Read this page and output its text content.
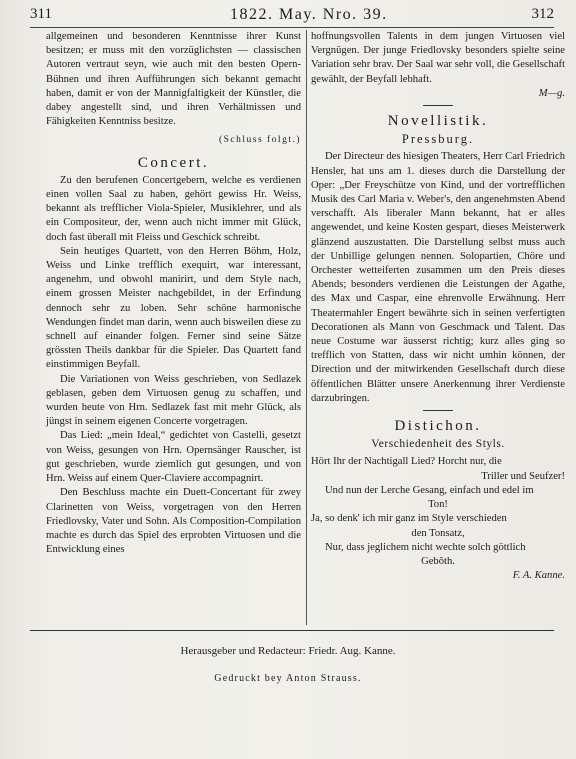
311	1822. May. Nro. 39.	312

allgemeinen und besonderen Kenntnisse ihrer Kunst besitzen; er muss mit den vorzüglichsten — classischen Autoren vertraut seyn, wie auch mit den besten Opern-Bühnen und ihren Aufführungen sich bekannt gemacht haben, damit er von der Mannigfaltigkeit der Künstler, die dabey angestellt sind, und ihren Verhältnissen und Fähigkeiten Kenntniss besitze.

(Schluss folgt.)

Concert.

Zu den berufenen Concertgebern, welche es verdienen einen vollen Saal zu haben, gehört gewiss Hr. Weiss, bekannt als trefflicher Viola-Spieler, Musiklehrer, und als ein Compositeur, der, wenn auch nicht immer mit Glück, doch fast überall mit Fleiss und Geschick schreibt.

Sein heutiges Quartett, von den Herren Böhm, Holz, Weiss und Linke trefflich exequirt, war interessant, angenehm, und obwohl manirirt, und dem Style nach, einem grossen Meister nachgebildet, in der Erfindung dennoch sehr zu loben. Sehr schöne harmonische Wendungen findet man darin, wenn auch bisweilen diese zu schnell auf einander folgen. Ferner sind seine Sätze grössten Theils dankbar für die Spieler. Das Quartett fand einstimmigen Beyfall.

Die Variationen von Weiss geschrieben, von Sedlazek geblasen, geben dem Virtuosen genug zu schaffen, und wurden heute von Hrn. Sedlazek fast mit mehr Glück, als jüngst in seinem eigenen Concerte vorgetragen.

Das Lied: „mein Ideal,“ gedichtet von Castelli, gesetzt von Weiss, gesungen von Hrn. Opernsänger Rauscher, ist gut geschrieben, wurde ziemlich gut gesungen, und von Hrn. Weiss auf einem Quer-Claviere accompagnirt.

Den Beschluss machte ein Duett-Concertant für zwey Clarinetten von Weiss, vorgetragen von den Herren Friedlovsky, Vater und Sohn. Als Composition-Compilation machte es durch das Spiel des erprobten Virtuosen und die Entwicklung eines

hoffnungsvollen Talents in dem jungen Virtuosen viel Vergnügen. Der junge Friedlovsky besonders spielte seine Variation sehr brav. Der Saal war sehr voll, die Gesellschaft gewählt, der Beyfall lebhaft.

M—g.

Novellistik.
Pressburg.

Der Directeur des hiesigen Theaters, Herr Carl Friedrich Hensler, hat uns am 1. dieses durch die Darstellung der Oper: „Der Freyschütze von Kind, und der vortrefflichen Musik des Carl Maria v. Weber's, den angenehmsten Abend verschafft. Als liberaler Mann bekannt, hat er alles angewendet, und keine Kosten gespart, dieses Meisterwerk glänzend auszustatten. Die Darstellung selbst muss auch der Unbillige gelungen nennen. Solopartien, Chöre und Orchester wetteiferten zusammen um den Preis dieses Abends; besonders verdienen die Leistungen der Agathe, des Max und Caspar, eine ehrenvolle Erwähnung. Herr Theatermahler Engert bewährte sich in seinen verfertigten Decorationen als Mann von Geschmack und Talent. Das neue Costume war äusserst richtig; kurz alles ging so trefflich von Statten, dass wir nicht umhin können, der Direction und der mitwirkenden Gesellschaft durch diese öffentlichen Blätter unsere Anerkennung ihrer Verdienste darzubringen.

Distichon.
Verschiedenheit des Styls.
Hört Ihr der Nachtigall Lied? Horcht nur, die
Triller und Seufzer!
Und nun der Lerche Gesang, einfach und edel im
Ton!
Ja, so denk' ich mir ganz im Style verschieden
den Tonsatz,
Nur, dass jeglichem nicht wechte solch göttlich
Gebôth.

F. A. Kanne.

Herausgeber und Redacteur: Friedr. Aug. Kanne.
Gedruckt bey Anton Strauss.
